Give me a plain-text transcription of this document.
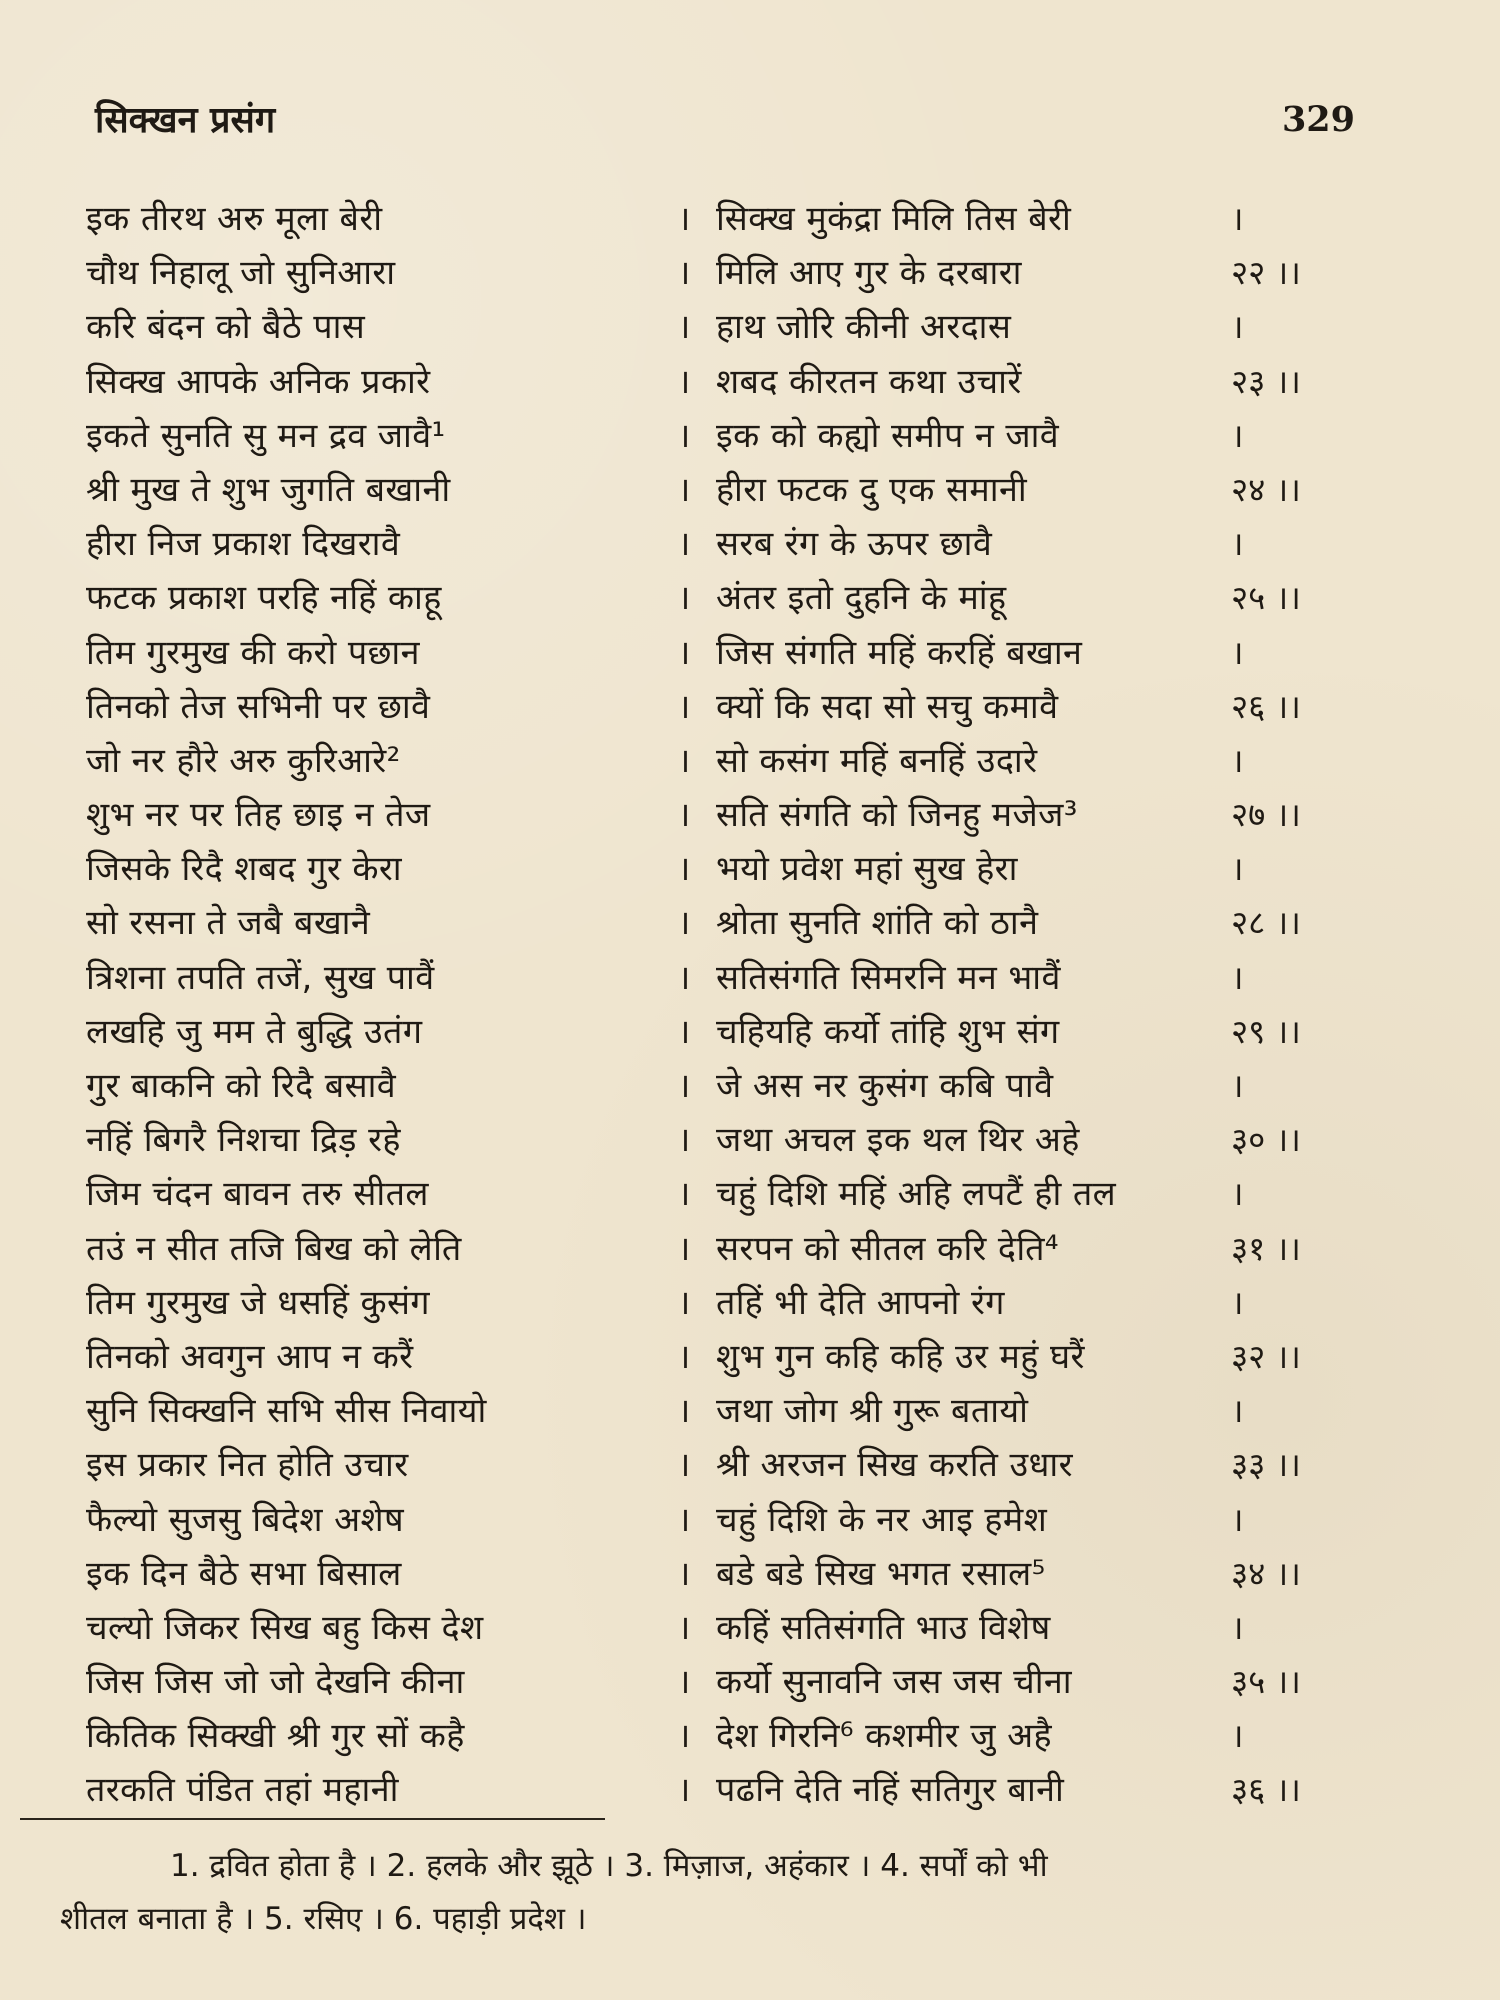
सिक्खन प्रसंग	329
इक तीरथ अरु मूला बेरी	। सिक्ख मुकंद्रा मिलि तिस बेरी	।
चौथ निहालू जो सुनिआरा	। मिलि आए गुर के दरबारा	२२ ।।
करि बंदन को बैठे पास	। हाथ जोरि कीनी अरदास	।
सिक्ख आपके अनिक प्रकारे	। शबद कीरतन कथा उचारें	२३ ।।
इकते सुनति सु मन द्रव जावै¹	। इक को कह्यो समीप न जावै	।
श्री मुख ते शुभ जुगति बखानी	। हीरा फटक दु एक समानी	२४ ।।
हीरा निज प्रकाश दिखरावै	। सरब रंग के ऊपर छावै	।
फटक प्रकाश परहि नहिं काहू	। अंतर इतो दुहनि के मांहू	२५ ।।
तिम गुरमुख की करो पछान	। जिस संगति महिं करहिं बखान	।
तिनको तेज सभिनी पर छावै	। क्यों कि सदा सो सचु कमावै	२६ ।।
जो नर हौरे अरु कुरिआरे²	। सो कसंग महिं बनहिं उदारे	।
शुभ नर पर तिह छाइ न तेज	। सति संगति को जिनहु मजेज³	२७ ।।
जिसके रिदै शबद गुर केरा	। भयो प्रवेश महां सुख हेरा	।
सो रसना ते जबै बखानै	। श्रोता सुनति शांति को ठानै	२८ ।।
त्रिशना तपति तजें, सुख पावैं	। सतिसंगति सिमरनि मन भावैं	।
लखहि जु मम ते बुद्धि उतंग	। चहियहि कर्यो तांहि शुभ संग	२९ ।।
गुर बाकनि को रिदै बसावै	। जे अस नर कुसंग कबि पावै	।
नहिं बिगरै निशचा द्रिड़ रहे	। जथा अचल इक थल थिर अहे	३० ।।
जिम चंदन बावन तरु सीतल	। चहुं दिशि महिं अहि लपटैं ही तल	।
तउं न सीत तजि बिख को लेति	। सरपन को सीतल करि देति⁴	३१ ।।
तिम गुरमुख जे धसहिं कुसंग	। तहिं भी देति आपनो रंग	।
तिनको अवगुन आप न करैं	। शुभ गुन कहि कहि उर महुं घरैं	३२ ।।
सुनि सिक्खनि सभि सीस निवायो	। जथा जोग श्री गुरू बतायो	।
इस प्रकार नित होति उचार	। श्री अरजन सिख करति उधार	३३ ।।
फैल्यो सुजसु बिदेश अशेष	। चहुं दिशि के नर आइ हमेश	।
इक दिन बैठे सभा बिसाल	। बडे बडे सिख भगत रसाल⁵	३४ ।।
चल्यो जिकर सिख बहु किस देश	। कहिं सतिसंगति भाउ विशेष	।
जिस जिस जो जो देखनि कीना	। कर्यो सुनावनि जस जस चीना	३५ ।।
कितिक सिक्खी श्री गुर सों कहै	। देश गिरनि⁶ कशमीर जु अहै	।
तरकति पंडित तहां महानी	। पढनि देति नहिं सतिगुर बानी	३६ ।।
1. द्रवित होता है । 2. हलके और झूठे । 3. मिज़ाज, अहंकार । 4. सर्पों को भी
शीतल बनाता है । 5. रसिए । 6. पहाड़ी प्रदेश ।
